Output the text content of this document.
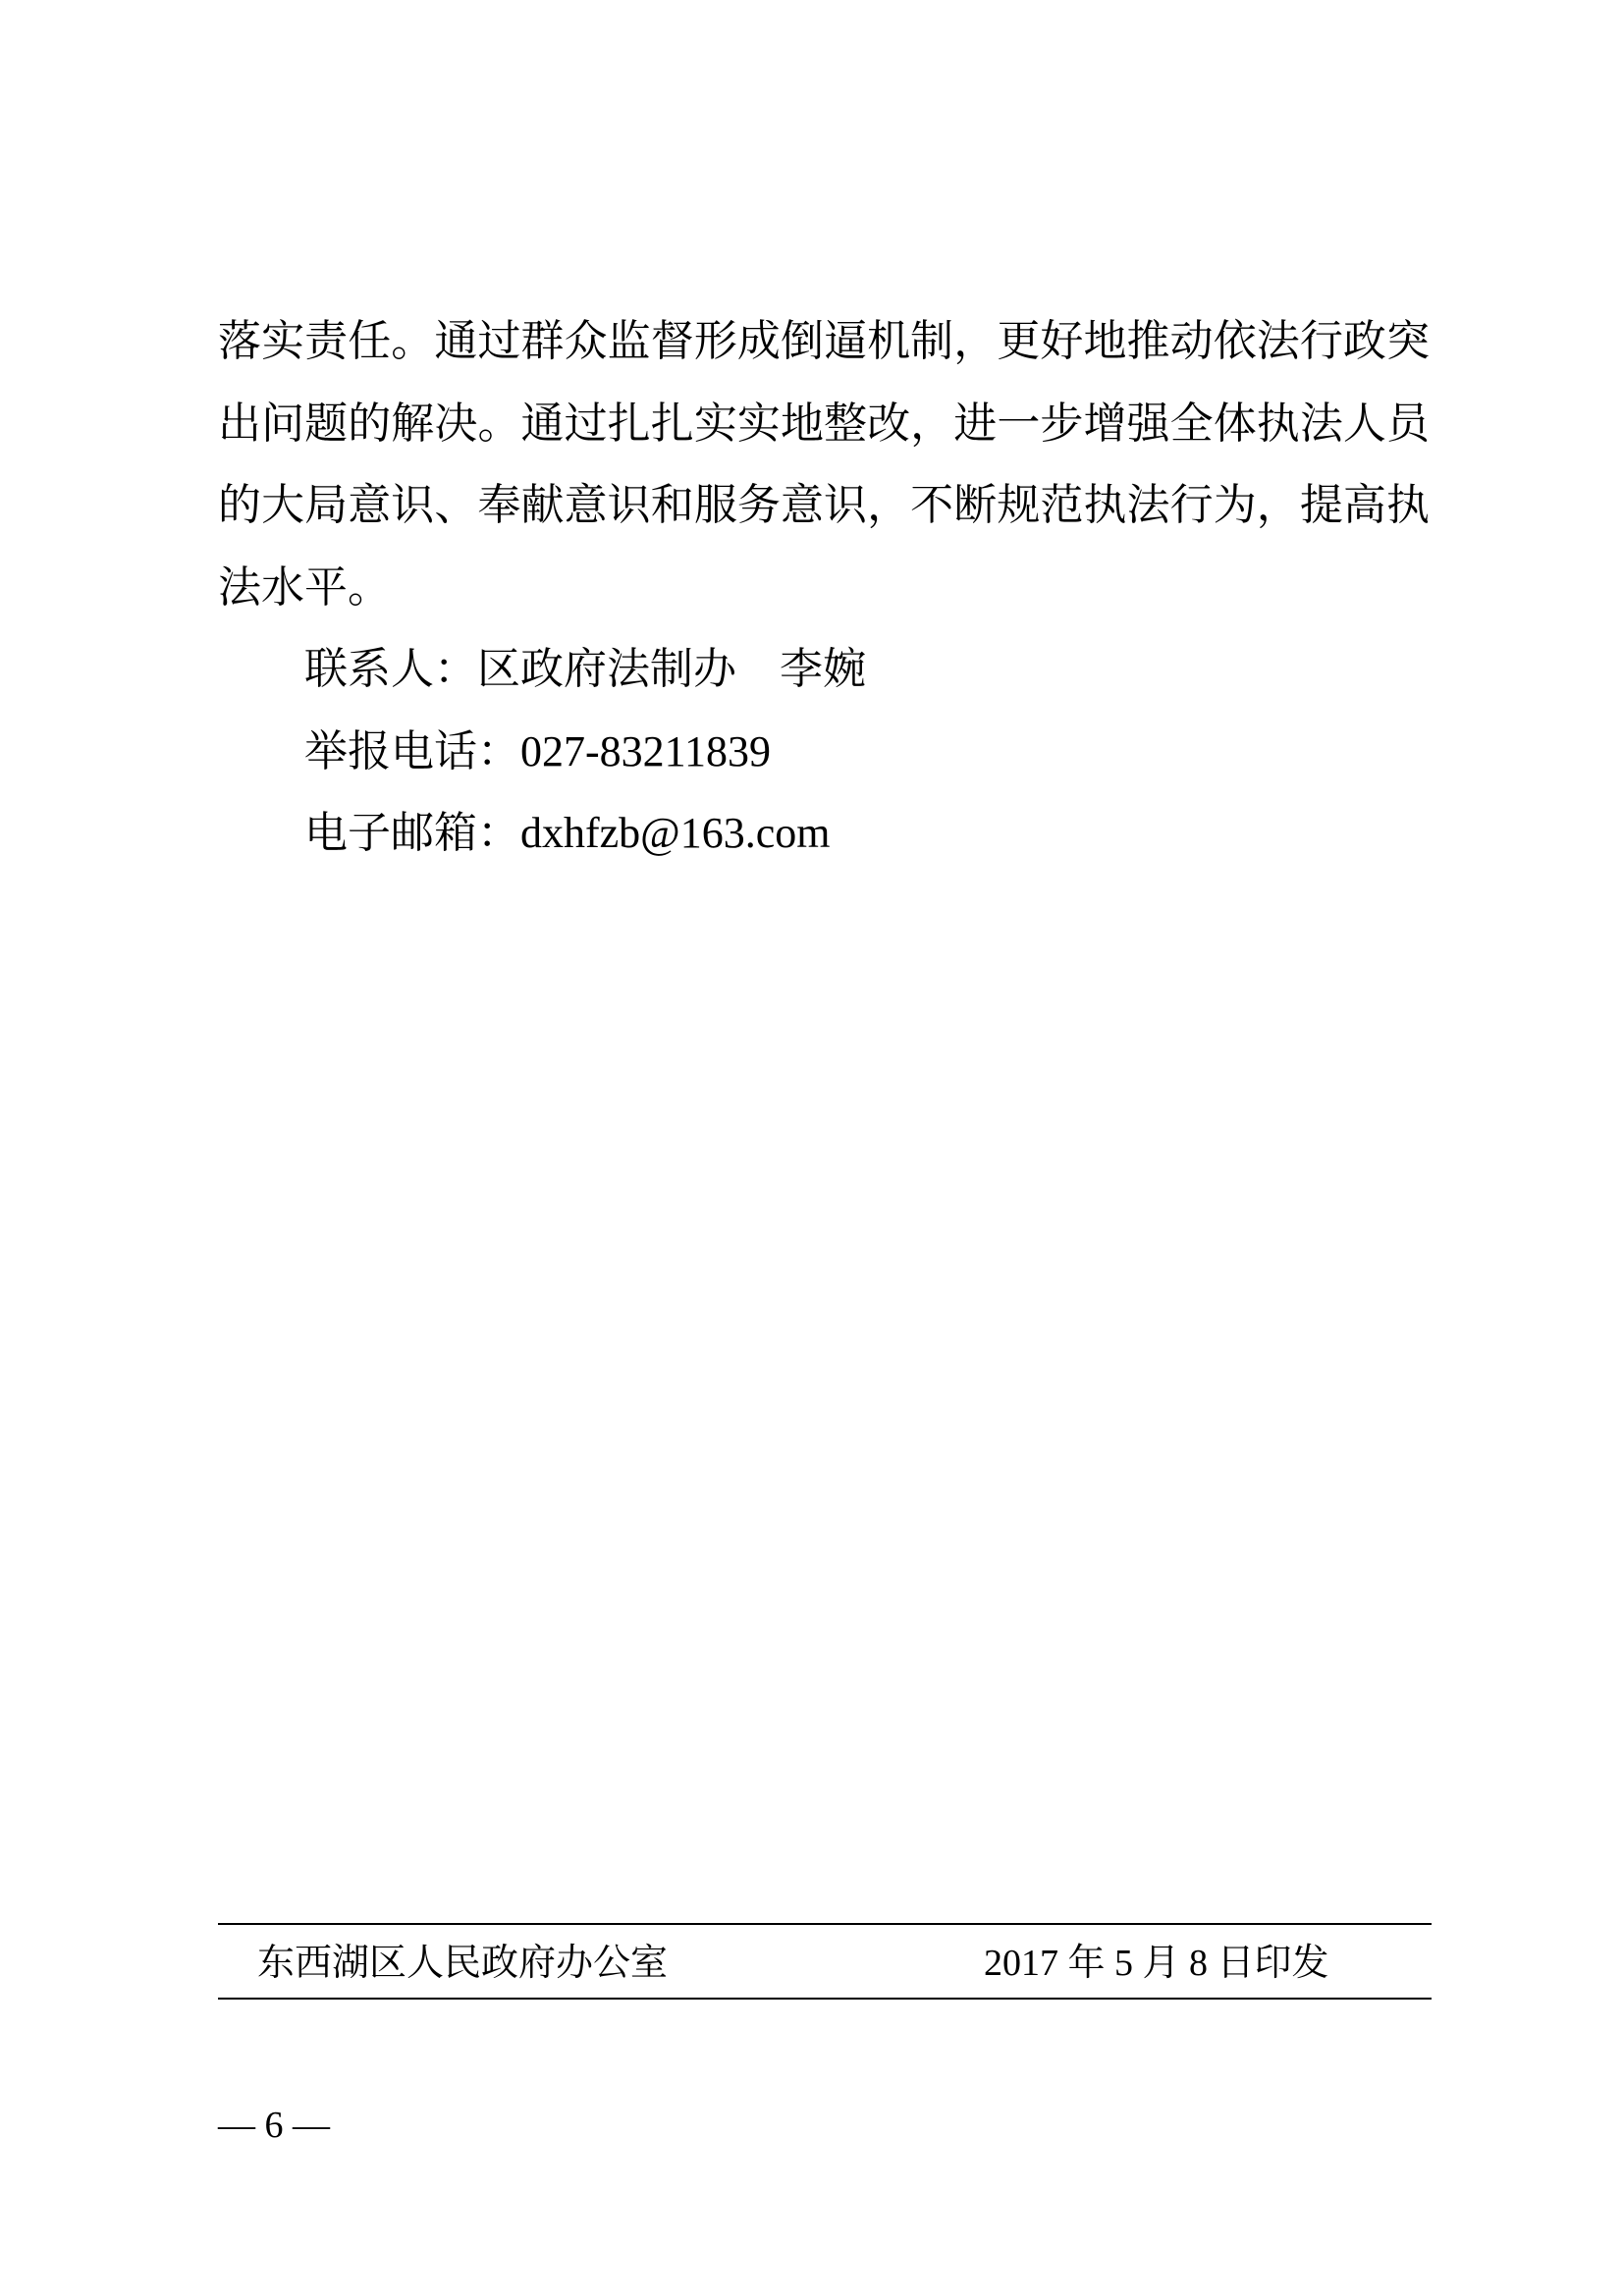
落实责任。通过群众监督形成倒逼机制，更好地推动依法行政突
出问题的解决。通过扎扎实实地整改，进一步增强全体执法人员
的大局意识、奉献意识和服务意识，不断规范执法行为，提高执
法水平。
联系人：区政府法制办　李婉
举报电话：027-83211839
电子邮箱：dxhfzb@163.com
东西湖区人民政府办公室	2017 年 5 月 8 日印发
— 6 —
